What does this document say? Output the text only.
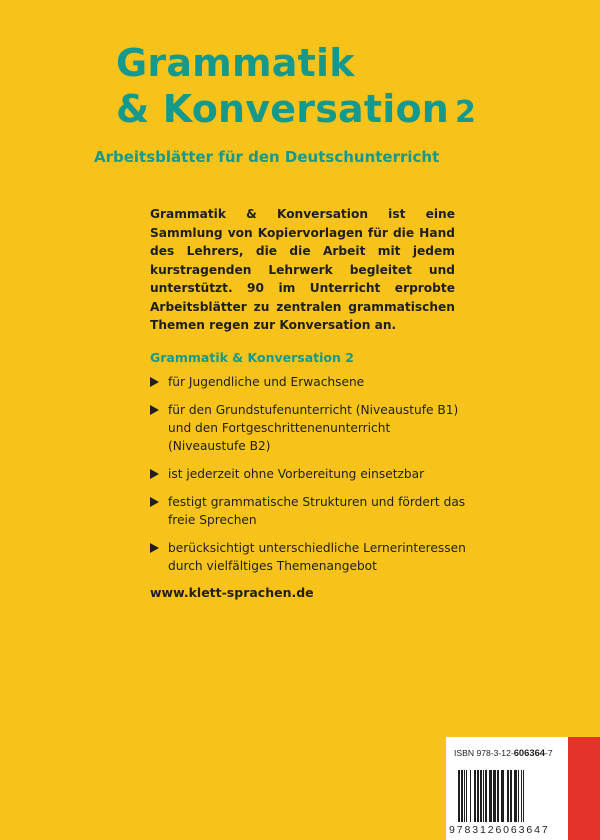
Grammatik
& Konversation 2
Arbeitsblätter für den Deutschunterricht

Grammatik & Konversation ist eine Sammlung von Kopiervorlagen für die Hand des Lehrers, die die Arbeit mit jedem kurstragenden Lehrwerk begleitet und unterstützt. 90 im Unterricht erprobte Arbeitsblätter zu zentralen grammatischen Themen regen zur Konversation an.

Grammatik & Konversation 2
für Jugendliche und Erwachsene
für den Grundstufenunterricht (Niveaustufe B1) und den Fortgeschrittenenunterricht (Niveaustufe B2)
ist jederzeit ohne Vorbereitung einsetzbar
festigt grammatische Strukturen und fördert das freie Sprechen
berücksichtigt unterschiedliche Lernerinteressen durch vielfältiges Themenangebot
www.klett-sprachen.de
ISBN 978-3-12-606364-7
9783126063647
